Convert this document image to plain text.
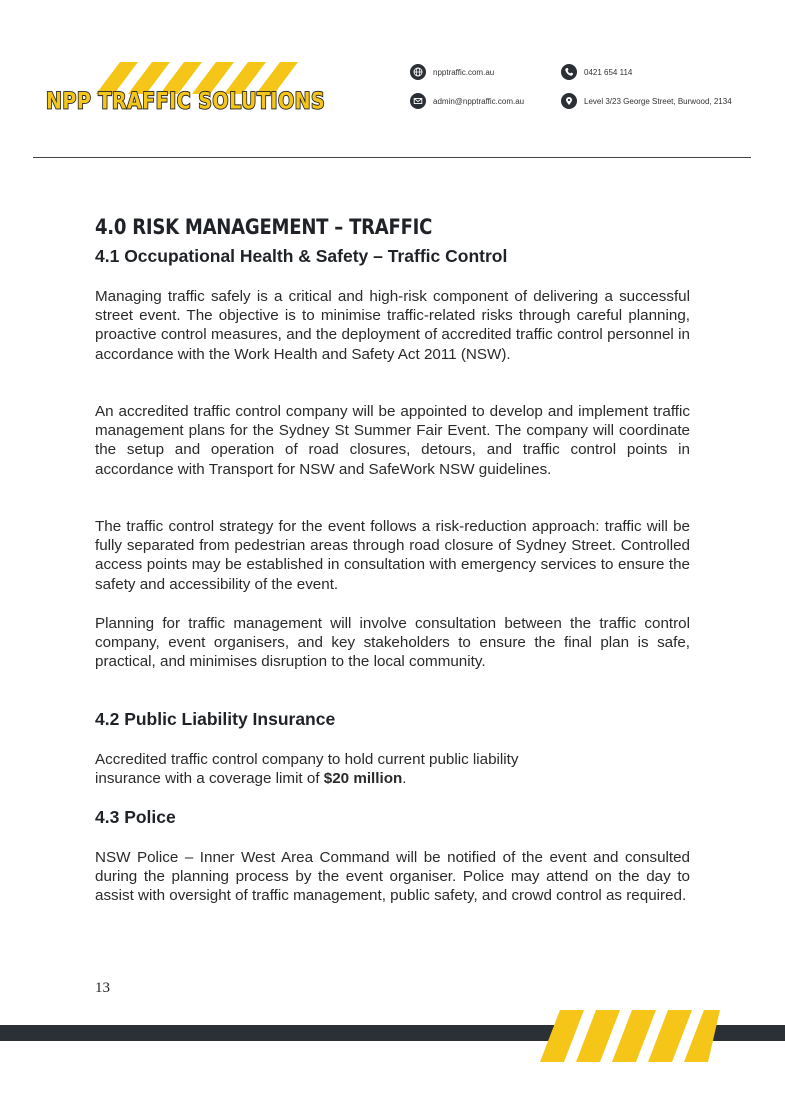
NPP TRAFFIC SOLUTIONS
npptraffic.com.au	0421 654 114
admin@npptraffic.com.au	Level 3/23 George Street, Burwood, 2134
4.0 RISK MANAGEMENT – TRAFFIC
4.1 Occupational Health & Safety – Traffic Control

Managing traffic safely is a critical and high-risk component of delivering a successful street event. The objective is to minimise traffic-related risks through careful planning, proactive control measures, and the deployment of accredited traffic control personnel in accordance with the Work Health and Safety Act 2011 (NSW).

An accredited traffic control company will be appointed to develop and implement traffic management plans for the Sydney St Summer Fair Event. The company will coordinate the setup and operation of road closures, detours, and traffic control points in accordance with Transport for NSW and SafeWork NSW guidelines.

The traffic control strategy for the event follows a risk-reduction approach: traffic will be fully separated from pedestrian areas through road closure of Sydney Street. Controlled access points may be established in consultation with emergency services to ensure the safety and accessibility of the event.

Planning for traffic management will involve consultation between the traffic control company, event organisers, and key stakeholders to ensure the final plan is safe, practical, and minimises disruption to the local community.

4.2 Public Liability Insurance

Accredited traffic control company to hold current public liability
insurance with a coverage limit of $20 million.

4.3 Police

NSW Police – Inner West Area Command will be notified of the event and consulted during the planning process by the event organiser. Police may attend on the day to assist with oversight of traffic management, public safety, and crowd control as required.

13
